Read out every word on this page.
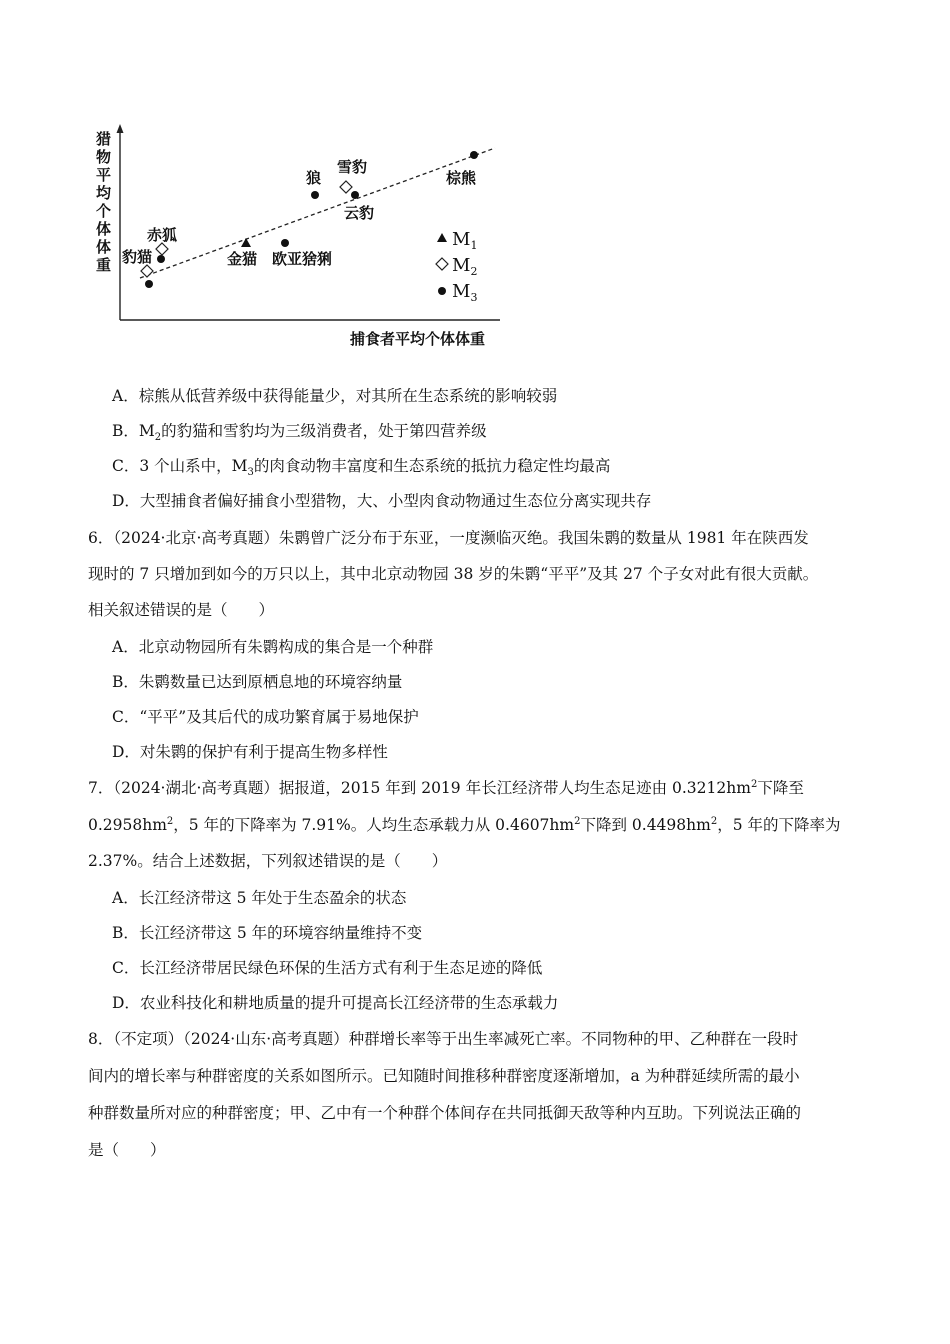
猎
物
平
均
个
体
体
重
捕食者平均个体体重
豹猫
赤狐
金猫 欧亚猞猁
狼
雪豹
云豹
棕熊
$M_1$
$M_2$
$M_3$
A．棕熊从低营养级中获得能量少，对其所在生态系统的影响较弱
B．$M_2$的豹猫和雪豹均为三级消费者，处于第四营养级
C．3 个山系中，$M_3$的肉食动物丰富度和生态系统的抵抗力稳定性均最高
D．大型捕食者偏好捕食小型猎物，大、小型肉食动物通过生态位分离实现共存
6．（2024·北京·高考真题）朱鹮曾广泛分布于东亚，一度濒临灭绝。我国朱鹮的数量从 1981 年在陕西发
现时的 7 只增加到如今的万只以上，其中北京动物园 38 岁的朱鹮“平平”及其 27 个子女对此有很大贡献。
相关叙述错误的是（　　）
A．北京动物园所有朱鹮构成的集合是一个种群
B．朱鹮数量已达到原栖息地的环境容纳量
C．“平平”及其后代的成功繁育属于易地保护
D．对朱鹮的保护有利于提高生物多样性
7．（2024·湖北·高考真题）据报道，2015 年到 2019 年长江经济带人均生态足迹由 $0.3212hm^2$下降至
$0.2958hm^2$，5 年的下降率为 7.91%。人均生态承载力从 $0.4607hm^2$下降到 $0.4498hm^2$，5 年的下降率为
2.37%。结合上述数据，下列叙述错误的是（　　）
A．长江经济带这 5 年处于生态盈余的状态
B．长江经济带这 5 年的环境容纳量维持不变
C．长江经济带居民绿色环保的生活方式有利于生态足迹的降低
D．农业科技化和耕地质量的提升可提高长江经济带的生态承载力
8．（不定项）（2024·山东·高考真题）种群增长率等于出生率减死亡率。不同物种的甲、乙种群在一段时
间内的增长率与种群密度的关系如图所示。已知随时间推移种群密度逐渐增加，a 为种群延续所需的最小
种群数量所对应的种群密度；甲、乙中有一个种群个体间存在共同抵御天敌等种内互助。下列说法正确的
是（　　）
